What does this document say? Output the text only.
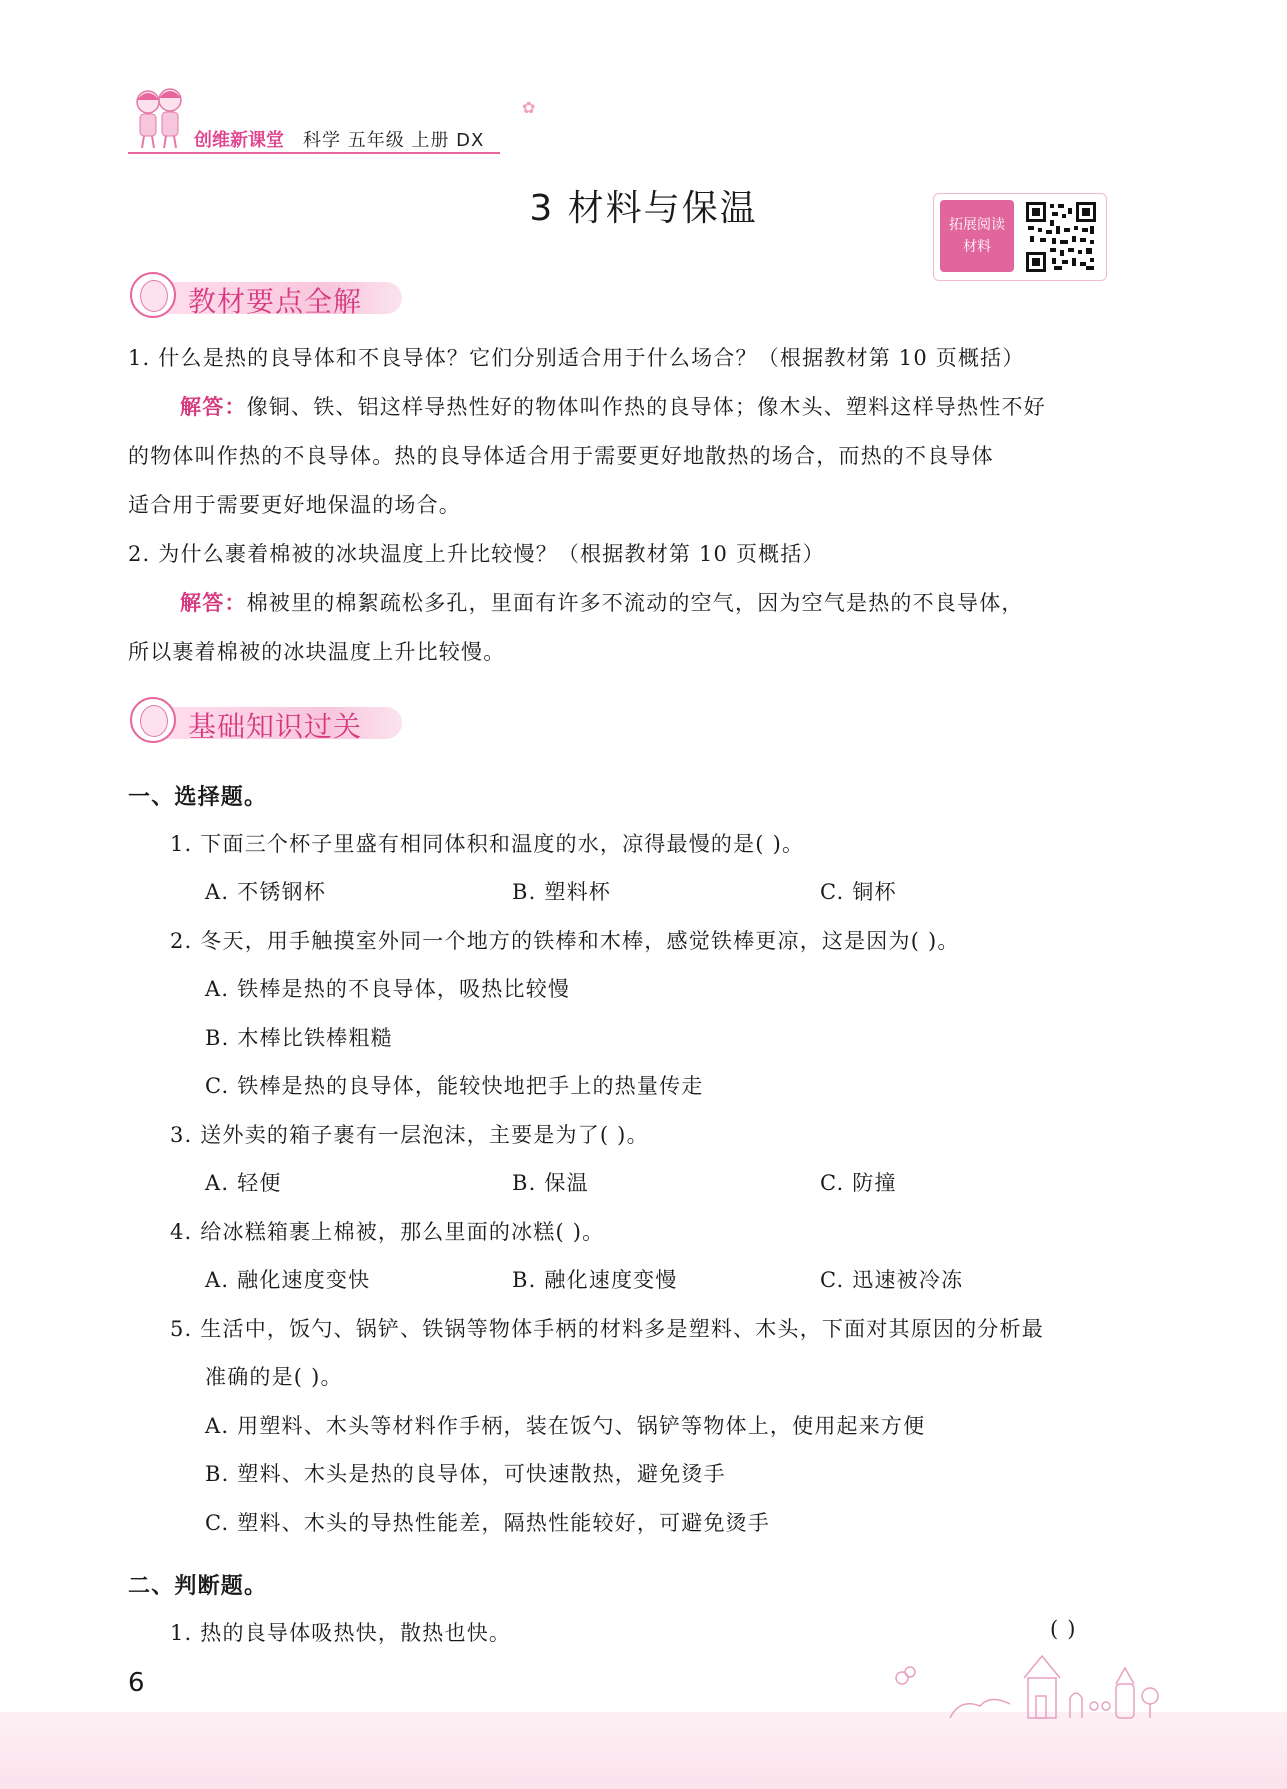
创维新课堂 科学 五年级 上册 DX
✿
3 材料与保温	拓展阅读
材料
教材要点全解
1. 什么是热的良导体和不良导体？它们分别适合用于什么场合？（根据教材第 10 页概括）
解答：像铜、铁、铝这样导热性好的物体叫作热的良导体；像木头、塑料这样导热性不好
的物体叫作热的不良导体。热的良导体适合用于需要更好地散热的场合，而热的不良导体
适合用于需要更好地保温的场合。
2. 为什么裹着棉被的冰块温度上升比较慢？（根据教材第 10 页概括）
解答：棉被里的棉絮疏松多孔，里面有许多不流动的空气，因为空气是热的不良导体，
所以裹着棉被的冰块温度上升比较慢。
基础知识过关
一、选择题。
1. 下面三个杯子里盛有相同体积和温度的水，凉得最慢的是( )。
A. 不锈钢杯	B. 塑料杯	C. 铜杯
2. 冬天，用手触摸室外同一个地方的铁棒和木棒，感觉铁棒更凉，这是因为( )。
A. 铁棒是热的不良导体，吸热比较慢
B. 木棒比铁棒粗糙
C. 铁棒是热的良导体，能较快地把手上的热量传走
3. 送外卖的箱子裹有一层泡沫，主要是为了( )。
A. 轻便	B. 保温	C. 防撞
4. 给冰糕箱裹上棉被，那么里面的冰糕( )。
A. 融化速度变快	B. 融化速度变慢	C. 迅速被冷冻
5. 生活中，饭勺、锅铲、铁锅等物体手柄的材料多是塑料、木头，下面对其原因的分析最
准确的是( )。
A. 用塑料、木头等材料作手柄，装在饭勺、锅铲等物体上，使用起来方便
B. 塑料、木头是热的良导体，可快速散热，避免烫手
C. 塑料、木头的导热性能差，隔热性能较好，可避免烫手
二、判断题。
1. 热的良导体吸热快，散热也快。	( )
6
